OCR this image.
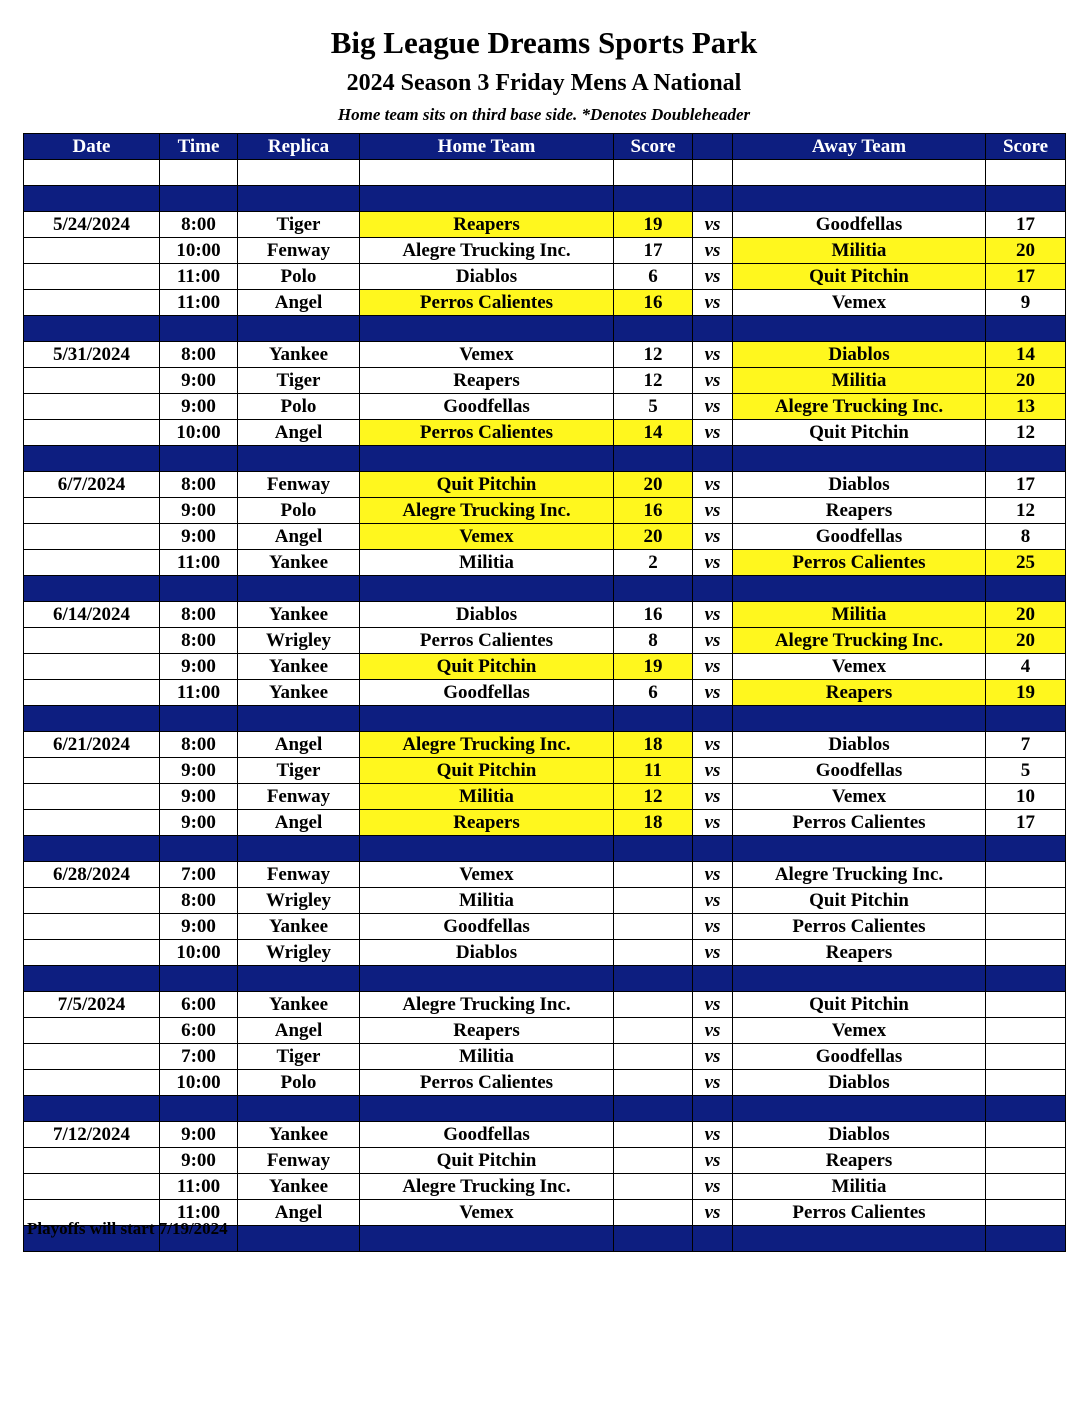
Big League Dreams Sports Park
2024 Season 3 Friday Mens A National

Home team sits on third base side. *Denotes Doubleheader

Date	Time	Replica	Home Team	Score		Away Team	Score

5/24/2024	8:00	Tiger	Reapers	19	vs	Goodfellas	17
	10:00	Fenway	Alegre Trucking Inc.	17	vs	Militia	20
	11:00	Polo	Diablos	6	vs	Quit Pitchin	17
	11:00	Angel	Perros Calientes	16	vs	Vemex	9

5/31/2024	8:00	Yankee	Vemex	12	vs	Diablos	14
	9:00	Tiger	Reapers	12	vs	Militia	20
	9:00	Polo	Goodfellas	5	vs	Alegre Trucking Inc.	13
	10:00	Angel	Perros Calientes	14	vs	Quit Pitchin	12

6/7/2024	8:00	Fenway	Quit Pitchin	20	vs	Diablos	17
	9:00	Polo	Alegre Trucking Inc.	16	vs	Reapers	12
	9:00	Angel	Vemex	20	vs	Goodfellas	8
	11:00	Yankee	Militia	2	vs	Perros Calientes	25

6/14/2024	8:00	Yankee	Diablos	16	vs	Militia	20
	8:00	Wrigley	Perros Calientes	8	vs	Alegre Trucking Inc.	20
	9:00	Yankee	Quit Pitchin	19	vs	Vemex	4
	11:00	Yankee	Goodfellas	6	vs	Reapers	19

6/21/2024	8:00	Angel	Alegre Trucking Inc.	18	vs	Diablos	7
	9:00	Tiger	Quit Pitchin	11	vs	Goodfellas	5
	9:00	Fenway	Militia	12	vs	Vemex	10
	9:00	Angel	Reapers	18	vs	Perros Calientes	17

6/28/2024	7:00	Fenway	Vemex		vs	Alegre Trucking Inc.	
	8:00	Wrigley	Militia		vs	Quit Pitchin	
	9:00	Yankee	Goodfellas		vs	Perros Calientes	
	10:00	Wrigley	Diablos		vs	Reapers	

7/5/2024	6:00	Yankee	Alegre Trucking Inc.		vs	Quit Pitchin	
	6:00	Angel	Reapers		vs	Vemex	
	7:00	Tiger	Militia		vs	Goodfellas	
	10:00	Polo	Perros Calientes		vs	Diablos	

7/12/2024	9:00	Yankee	Goodfellas		vs	Diablos	
	9:00	Fenway	Quit Pitchin		vs	Reapers	
	11:00	Yankee	Alegre Trucking Inc.		vs	Militia	
	11:00	Angel	Vemex		vs	Perros Calientes	

Playoffs will start 7/19/2024
